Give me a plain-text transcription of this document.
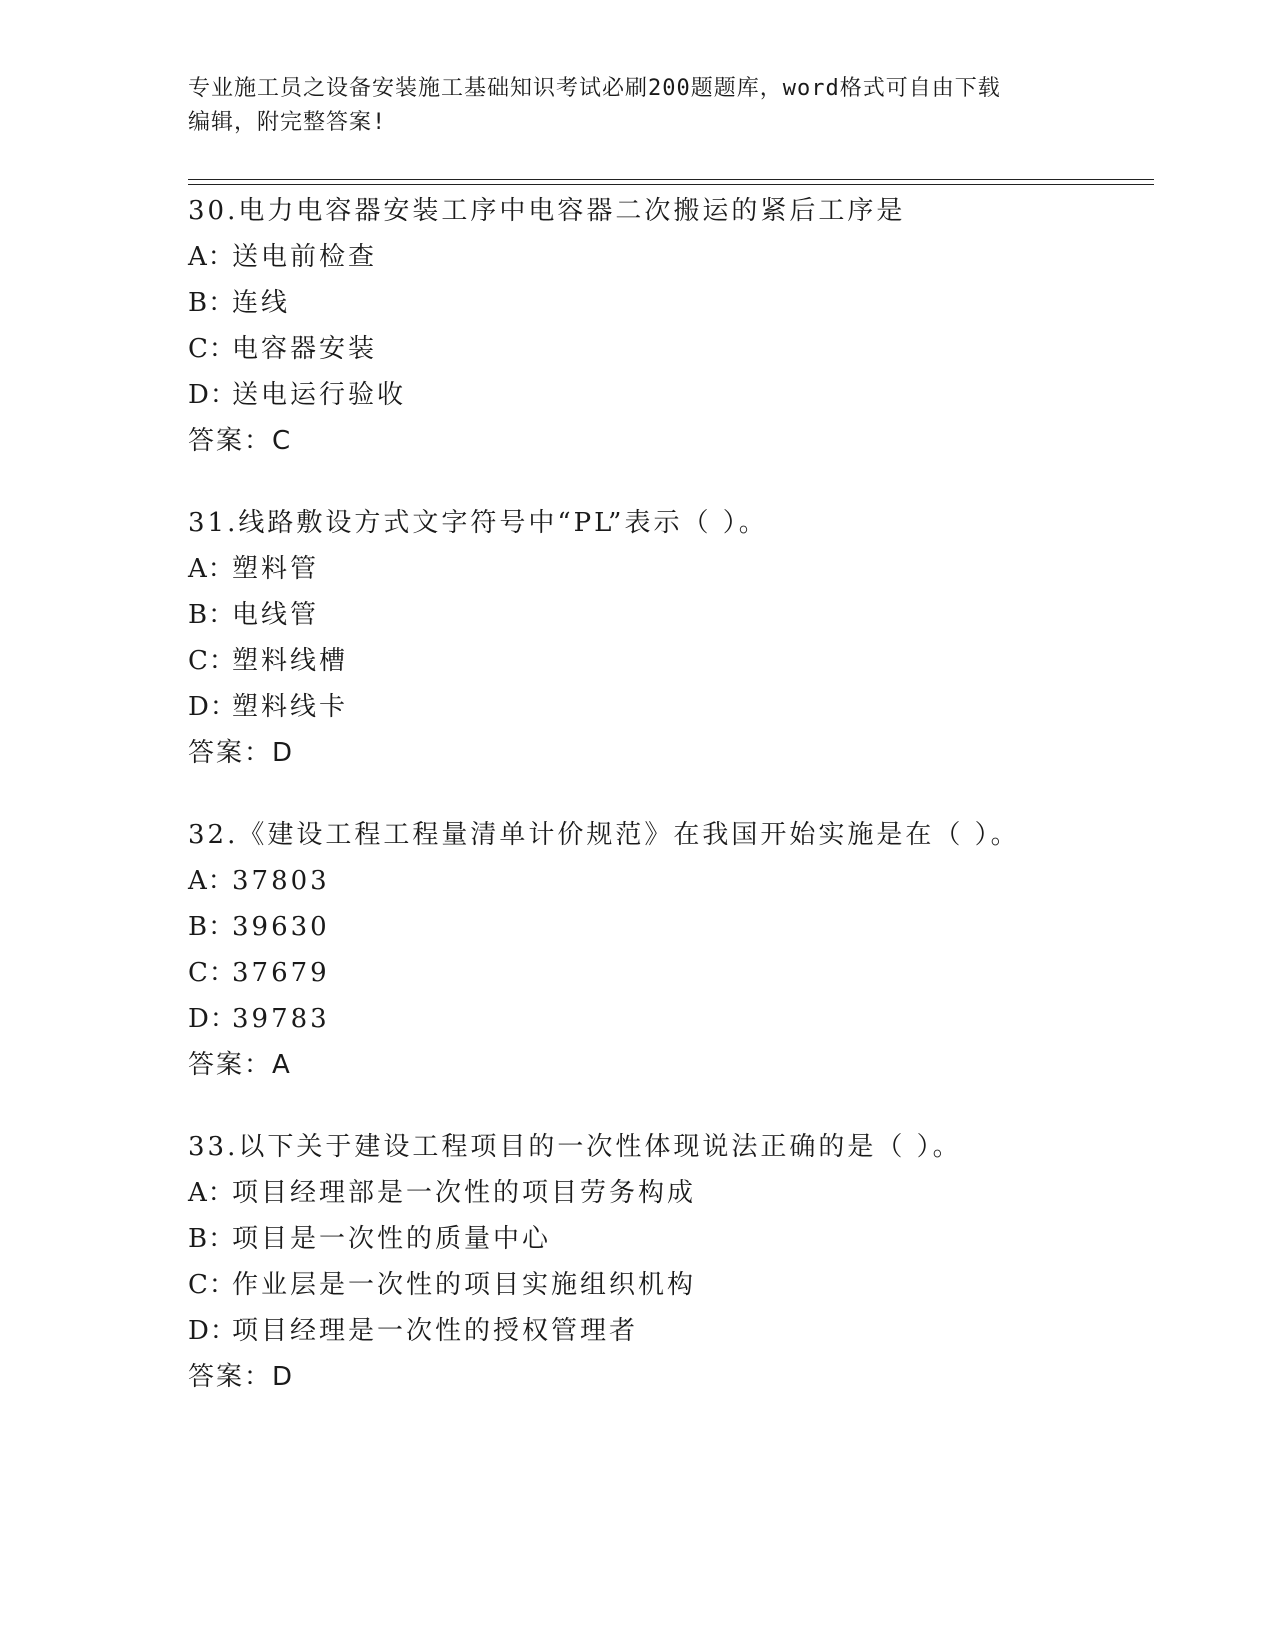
专业施工员之设备安装施工基础知识考试必刷200题题库，word格式可自由下载
编辑，附完整答案!
30.电力电容器安装工序中电容器二次搬运的紧后工序是
A：送电前检查
B：连线
C：电容器安装
D：送电运行验收
答案：C
31.线路敷设方式文字符号中“PL”表示（ ）。
A：塑料管
B：电线管
C：塑料线槽
D：塑料线卡
答案：D
32.《建设工程工程量清单计价规范》在我国开始实施是在（ ）。
A：37803
B：39630
C：37679
D：39783
答案：A
33.以下关于建设工程项目的一次性体现说法正确的是（ ）。
A：项目经理部是一次性的项目劳务构成
B：项目是一次性的质量中心
C：作业层是一次性的项目实施组织机构
D：项目经理是一次性的授权管理者
答案：D
